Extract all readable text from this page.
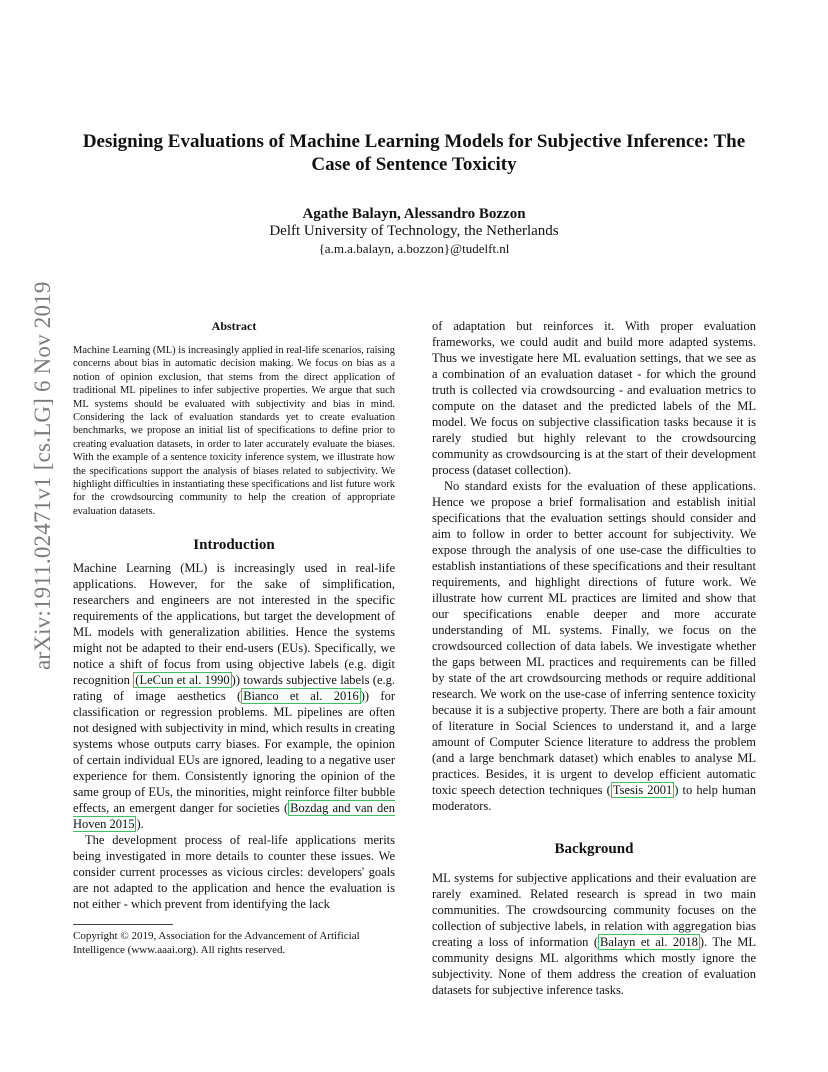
arXiv:1911.02471v1 [cs.LG] 6 Nov 2019
Designing Evaluations of Machine Learning Models for Subjective Inference: The Case of Sentence Toxicity
Agathe Balayn, Alessandro Bozzon
Delft University of Technology, the Netherlands
{a.m.a.balayn, a.bozzon}@tudelft.nl
Abstract

Machine Learning (ML) is increasingly applied in real-life scenarios, raising concerns about bias in automatic decision making. We focus on bias as a notion of opinion exclusion, that stems from the direct application of traditional ML pipelines to infer subjective properties. We argue that such ML systems should be evaluated with subjectivity and bias in mind. Considering the lack of evaluation standards yet to create evaluation benchmarks, we propose an initial list of specifications to define prior to creating evaluation datasets, in order to later accurately evaluate the biases. With the example of a sentence toxicity inference system, we illustrate how the specifications support the analysis of biases related to subjectivity. We highlight difficulties in instantiating these specifications and list future work for the crowdsourcing community to help the creation of appropriate evaluation datasets.

Introduction

Machine Learning (ML) is increasingly used in real-life applications. However, for the sake of simplification, researchers and engineers are not interested in the specific requirements of the applications, but target the development of ML models with generalization abilities. Hence the systems might not be adapted to their end-users (EUs). Specifically, we notice a shift of focus from using objective labels (e.g. digit recognition (LeCun et al. 1990 )) towards subjective labels (e.g. rating of image aesthetics ( Bianco et al. 2016 )) for classification or regression problems. ML pipelines are often not designed with subjectivity in mind, which results in creating systems whose outputs carry biases. For example, the opinion of certain individual EUs are ignored, leading to a negative user experience for them. Consistently ignoring the opinion of the same group of EUs, the minorities, might reinforce filter bubble effects, an emergent danger for societies ( Bozdag and van den Hoven 2015 ).

The development process of real-life applications merits being investigated in more details to counter these issues. We consider current processes as vicious circles: developers' goals are not adapted to the application and hence the evaluation is not either - which prevent from identifying the lack

Copyright © 2019, Association for the Advancement of Artificial Intelligence (www.aaai.org). All rights reserved.

of adaptation but reinforces it. With proper evaluation frameworks, we could audit and build more adapted systems. Thus we investigate here ML evaluation settings, that we see as a combination of an evaluation dataset - for which the ground truth is collected via crowdsourcing - and evaluation metrics to compute on the dataset and the predicted labels of the ML model. We focus on subjective classification tasks because it is rarely studied but highly relevant to the crowdsourcing community as crowdsourcing is at the start of their development process (dataset collection).

No standard exists for the evaluation of these applications. Hence we propose a brief formalisation and establish initial specifications that the evaluation settings should consider and aim to follow in order to better account for subjectivity. We expose through the analysis of one use-case the difficulties to establish instantiations of these specifications and their resultant requirements, and highlight directions of future work. We illustrate how current ML practices are limited and show that our specifications enable deeper and more accurate understanding of ML systems. Finally, we focus on the crowdsourced collection of data labels. We investigate whether the gaps between ML practices and requirements can be filled by state of the art crowdsourcing methods or require additional research. We work on the use-case of inferring sentence toxicity because it is a subjective property. There are both a fair amount of literature in Social Sciences to understand it, and a large amount of Computer Science literature to address the problem (and a large benchmark dataset) which enables to analyse ML practices. Besides, it is urgent to develop efficient automatic toxic speech detection techniques ( Tsesis 2001 ) to help human moderators.

Background

ML systems for subjective applications and their evaluation are rarely examined. Related research is spread in two main communities. The crowdsourcing community focuses on the collection of subjective labels, in relation with aggregation bias creating a loss of information ( Balayn et al. 2018 ). The ML community designs ML algorithms which mostly ignore the subjectivity. None of them address the creation of evaluation datasets for subjective inference tasks.
